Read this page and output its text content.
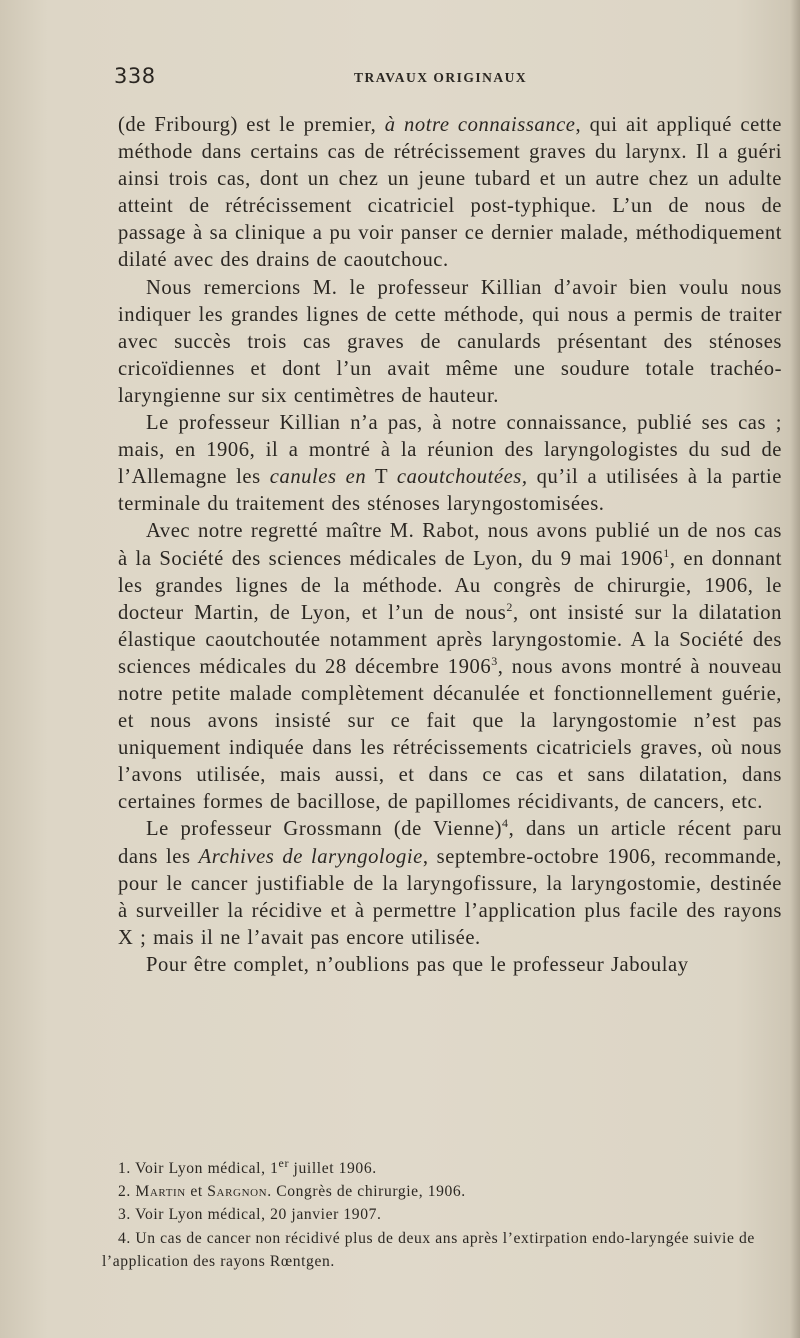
338	TRAVAUX ORIGINAUX

(de Fribourg) est le premier, à notre connaissance, qui ait appliqué cette méthode dans certains cas de rétrécissement graves du larynx. Il a guéri ainsi trois cas, dont un chez un jeune tubard et un autre chez un adulte atteint de rétrécissement cicatriciel post-typhique. L’un de nous de passage à sa clinique a pu voir panser ce dernier malade, méthodiquement dilaté avec des drains de caoutchouc.

Nous remercions M. le professeur Killian d’avoir bien voulu nous indiquer les grandes lignes de cette méthode, qui nous a permis de traiter avec succès trois cas graves de canulards présentant des sténoses cricoïdiennes et dont l’un avait même une soudure totale trachéo-laryngienne sur six centimètres de hauteur.

Le professeur Killian n’a pas, à notre connaissance, publié ses cas ; mais, en 1906, il a montré à la réunion des laryngologistes du sud de l’Allemagne les canules en T caoutchoutées, qu’il a utilisées à la partie terminale du traitement des sténoses laryngostomisées.

Avec notre regretté maître M. Rabot, nous avons publié un de nos cas à la Société des sciences médicales de Lyon, du 9 mai 1906$^1$, en donnant les grandes lignes de la méthode. Au congrès de chirurgie, 1906, le docteur Martin, de Lyon, et l’un de nous$^2$, ont insisté sur la dilatation élastique caoutchoutée notamment après laryngostomie. A la Société des sciences médicales du 28 décembre 1906$^3$, nous avons montré à nouveau notre petite malade complètement décanulée et fonctionnellement guérie, et nous avons insisté sur ce fait que la laryngostomie n’est pas uniquement indiquée dans les rétrécissements cicatriciels graves, où nous l’avons utilisée, mais aussi, et dans ce cas et sans dilatation, dans certaines formes de bacillose, de papillomes récidivants, de cancers, etc.

Le professeur Grossmann (de Vienne)$^4$, dans un article récent paru dans les Archives de laryngologie, septembre-octobre 1906, recommande, pour le cancer justifiable de la laryngofissure, la laryngostomie, destinée à surveiller la récidive et à permettre l’application plus facile des rayons X ; mais il ne l’avait pas encore utilisée.

Pour être complet, n’oublions pas que le professeur Jaboulay

1. Voir Lyon médical, 1er juillet 1906.

2. Martin et Sargnon. Congrès de chirurgie, 1906.

3. Voir Lyon médical, 20 janvier 1907.

4. Un cas de cancer non récidivé plus de deux ans après l’extirpation endo-laryngée suivie de l’application des rayons Rœntgen.
